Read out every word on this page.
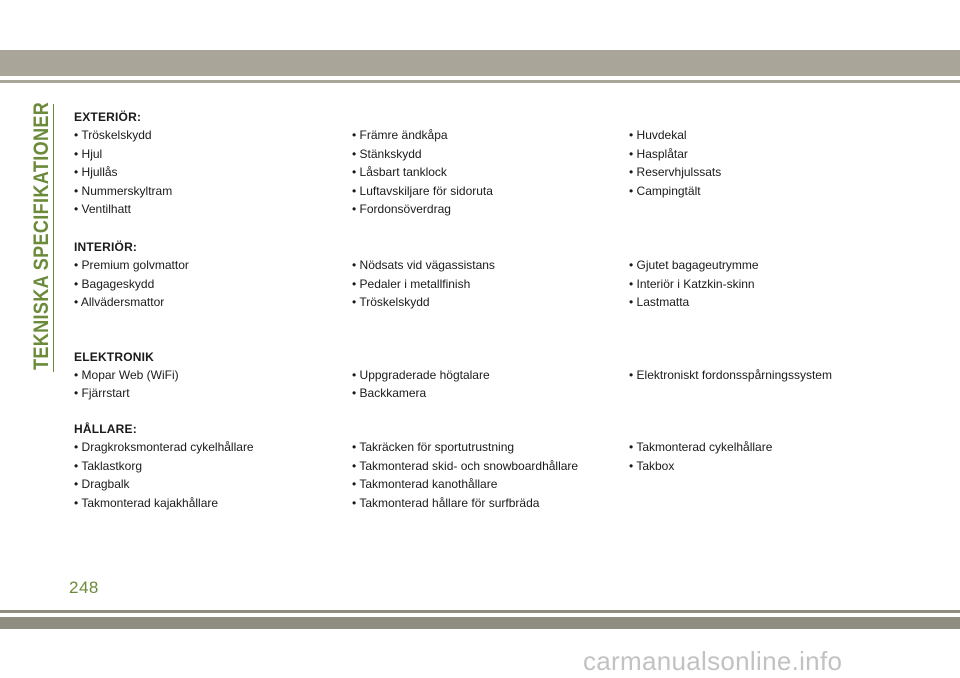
TEKNISKA SPECIFIKATIONER EXTERIÖR:
• Tröskelskydd	• Främre ändkåpa	• Huvdekal
• Hjul	• Stänkskydd	• Hasplåtar
• Hjullås	• Låsbart tanklock	• Reservhjulssats
• Nummerskyltram	• Luftavskiljare för sidoruta	• Campingtält
• Ventilhatt	• Fordonsöverdrag
INTERIÖR:
• Premium golvmattor	• Nödsats vid vägassistans	• Gjutet bagageutrymme
• Bagageskydd	• Pedaler i metallfinish	• Interiör i Katzkin-skinn
• Allvädersmattor	• Tröskelskydd	• Lastmatta
ELEKTRONIK
• Mopar Web (WiFi)	• Uppgraderade högtalare	• Elektroniskt fordonsspårningssystem
• Fjärrstart	• Backkamera
HÅLLARE:
• Dragkroksmonterad cykelhållare	• Takräcken för sportutrustning	• Takmonterad cykelhållare
• Taklastkorg	• Takmonterad skid- och snowboardhållare	• Takbox
• Dragbalk	• Takmonterad kanothållare
• Takmonterad kajakhållare	• Takmonterad hållare för surfbräda
248
carmanualsonline.info
